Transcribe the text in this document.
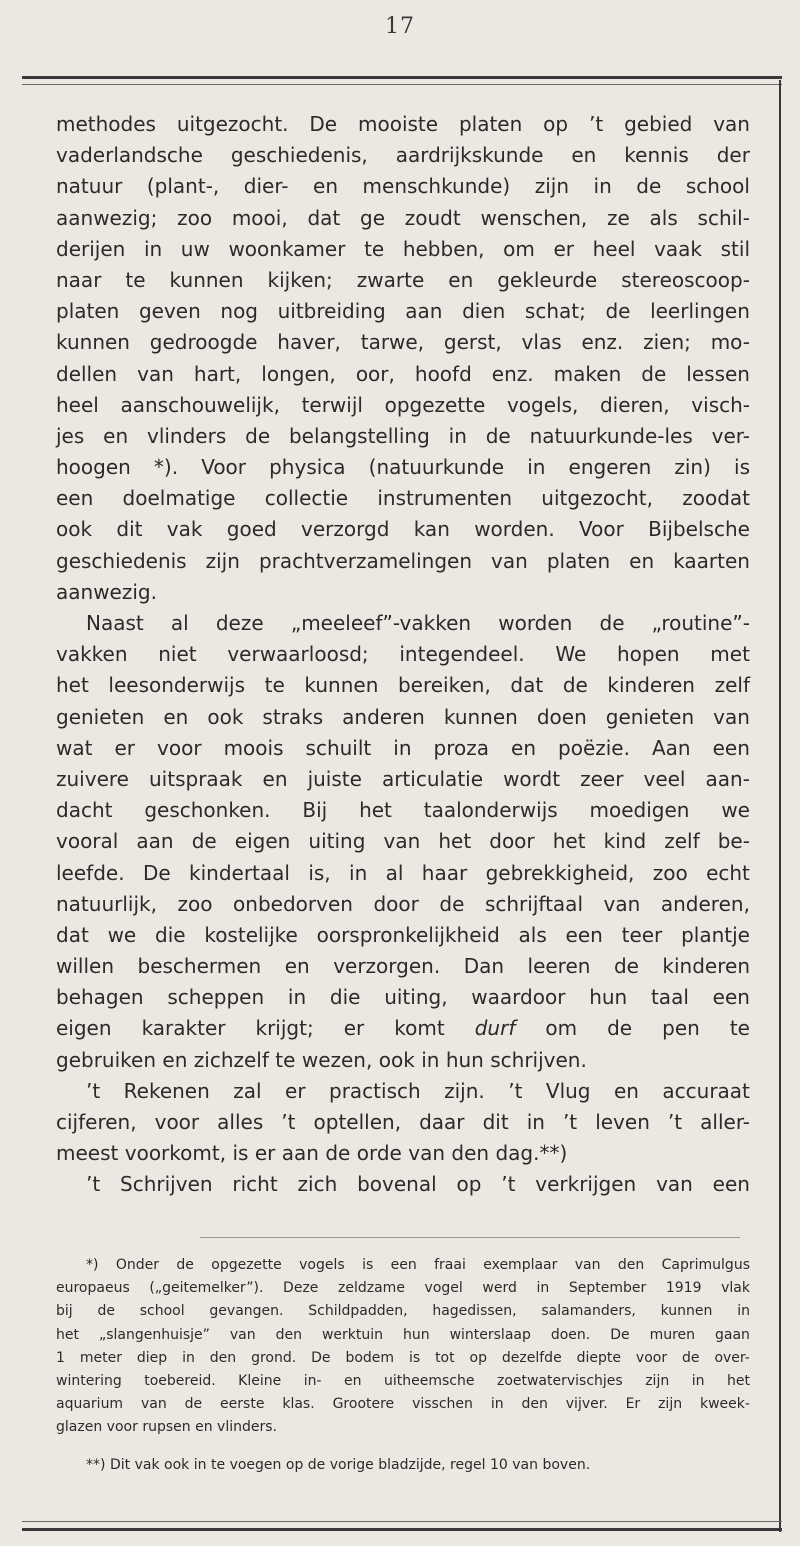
17
methodes uitgezocht. De mooiste platen op ’t gebied van
vaderlandsche geschiedenis, aardrijkskunde en kennis der
natuur (plant-, dier- en menschkunde) zijn in de school
aanwezig; zoo mooi, dat ge zoudt wenschen, ze als schil-
derijen in uw woonkamer te hebben, om er heel vaak stil
naar te kunnen kijken; zwarte en gekleurde stereoscoop-
platen geven nog uitbreiding aan dien schat; de leerlingen
kunnen gedroogde haver, tarwe, gerst, vlas enz. zien; mo-
dellen van hart, longen, oor, hoofd enz. maken de lessen
heel aanschouwelijk, terwijl opgezette vogels, dieren, visch-
jes en vlinders de belangstelling in de natuurkunde-les ver-
hoogen *). Voor physica (natuurkunde in engeren zin) is
een doelmatige collectie instrumenten uitgezocht, zoodat
ook dit vak goed verzorgd kan worden. Voor Bijbelsche
geschiedenis zijn prachtverzamelingen van platen en kaarten
aanwezig.
Naast al deze „meeleef”-vakken worden de „routine”-
vakken niet verwaarloosd; integendeel. We hopen met
het leesonderwijs te kunnen bereiken, dat de kinderen zelf
genieten en ook straks anderen kunnen doen genieten van
wat er voor moois schuilt in proza en poëzie. Aan een
zuivere uitspraak en juiste articulatie wordt zeer veel aan-
dacht geschonken. Bij het taalonderwijs moedigen we
vooral aan de eigen uiting van het door het kind zelf be-
leefde. De kindertaal is, in al haar gebrekkigheid, zoo echt
natuurlijk, zoo onbedorven door de schrijftaal van anderen,
dat we die kostelijke oorspronkelijkheid als een teer plantje
willen beschermen en verzorgen. Dan leeren de kinderen
behagen scheppen in die uiting, waardoor hun taal een
eigen karakter krijgt; er komt durf om de pen te
gebruiken en zichzelf te wezen, ook in hun schrijven.
’t Rekenen zal er practisch zijn. ’t Vlug en accuraat
cijferen, voor alles ’t optellen, daar dit in ’t leven ’t aller-
meest voorkomt, is er aan de orde van den dag.**)
’t Schrijven richt zich bovenal op ’t verkrijgen van een
*) Onder de opgezette vogels is een fraai exemplaar van den Caprimulgus
europaeus („geitemelker”). Deze zeldzame vogel werd in September 1919 vlak
bij de school gevangen. Schildpadden, hagedissen, salamanders, kunnen in
het „slangenhuisje” van den werktuin hun winterslaap doen. De muren gaan
1 meter diep in den grond. De bodem is tot op dezelfde diepte voor de over-
wintering toebereid. Kleine in- en uitheemsche zoetwatervischjes zijn in het
aquarium van de eerste klas. Grootere visschen in den vijver. Er zijn kweek-
glazen voor rupsen en vlinders.
**) Dit vak ook in te voegen op de vorige bladzijde, regel 10 van boven.
